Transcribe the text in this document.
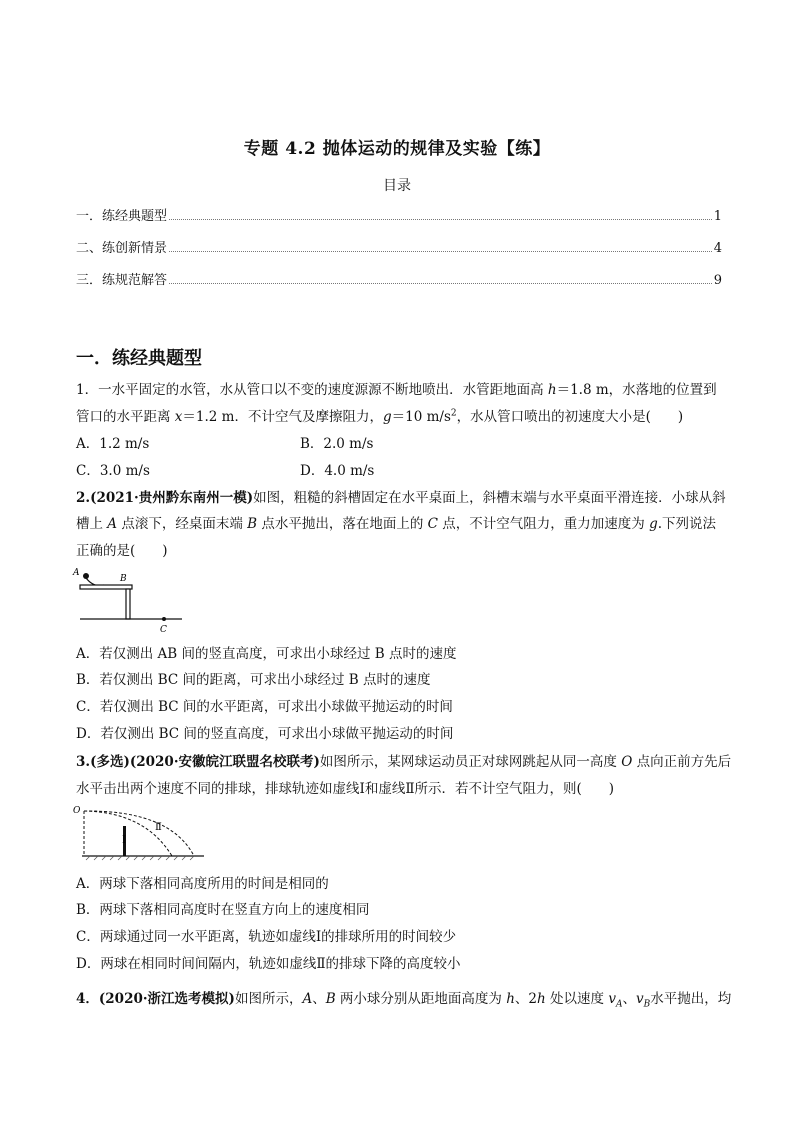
专题 4.2 抛体运动的规律及实验【练】
目录
一．练经典题型	1
二、练创新情景	4
三．练规范解答	9
一．练经典题型
1．一水平固定的水管，水从管口以不变的速度源源不断地喷出．水管距地面高 h＝1.8 m，水落地的位置到
管口的水平距离 x＝1.2 m．不计空气及摩擦阻力，g＝10 $m/s^2$，水从管口喷出的初速度大小是(　　)
A．1.2 m/s	B．2.0 m/s
C．3.0 m/s	D．4.0 m/s
2.(2021·贵州黔东南州一模)如图，粗糙的斜槽固定在水平桌面上，斜槽末端与水平桌面平滑连接．小球从斜
槽上 A 点滚下，经桌面末端 B 点水平抛出，落在地面上的 C 点，不计空气阻力，重力加速度为 g.下列说法
正确的是(　　)
A
B
C
A．若仅测出 AB 间的竖直高度，可求出小球经过 B 点时的速度
B．若仅测出 BC 间的距离，可求出小球经过 B 点时的速度
C．若仅测出 BC 间的水平距离，可求出小球做平抛运动的时间
D．若仅测出 BC 间的竖直高度，可求出小球做平抛运动的时间
3.(多选)(2020·安徽皖江联盟名校联考)如图所示，某网球运动员正对球网跳起从同一高度 O 点向正前方先后
水平击出两个速度不同的排球，排球轨迹如虚线Ⅰ和虚线Ⅱ所示．若不计空气阻力，则(　　)
O
Ⅰ
Ⅱ
A．两球下落相同高度所用的时间是相同的
B．两球下落相同高度时在竖直方向上的速度相同
C．两球通过同一水平距离，轨迹如虚线Ⅰ的排球所用的时间较少
D．两球在相同时间间隔内，轨迹如虚线Ⅱ的排球下降的高度较小
4．(2020·浙江选考模拟)如图所示，A、B 两小球分别从距地面高度为 h、2h 处以速度 $v_A$、$v_B$水平抛出，均
